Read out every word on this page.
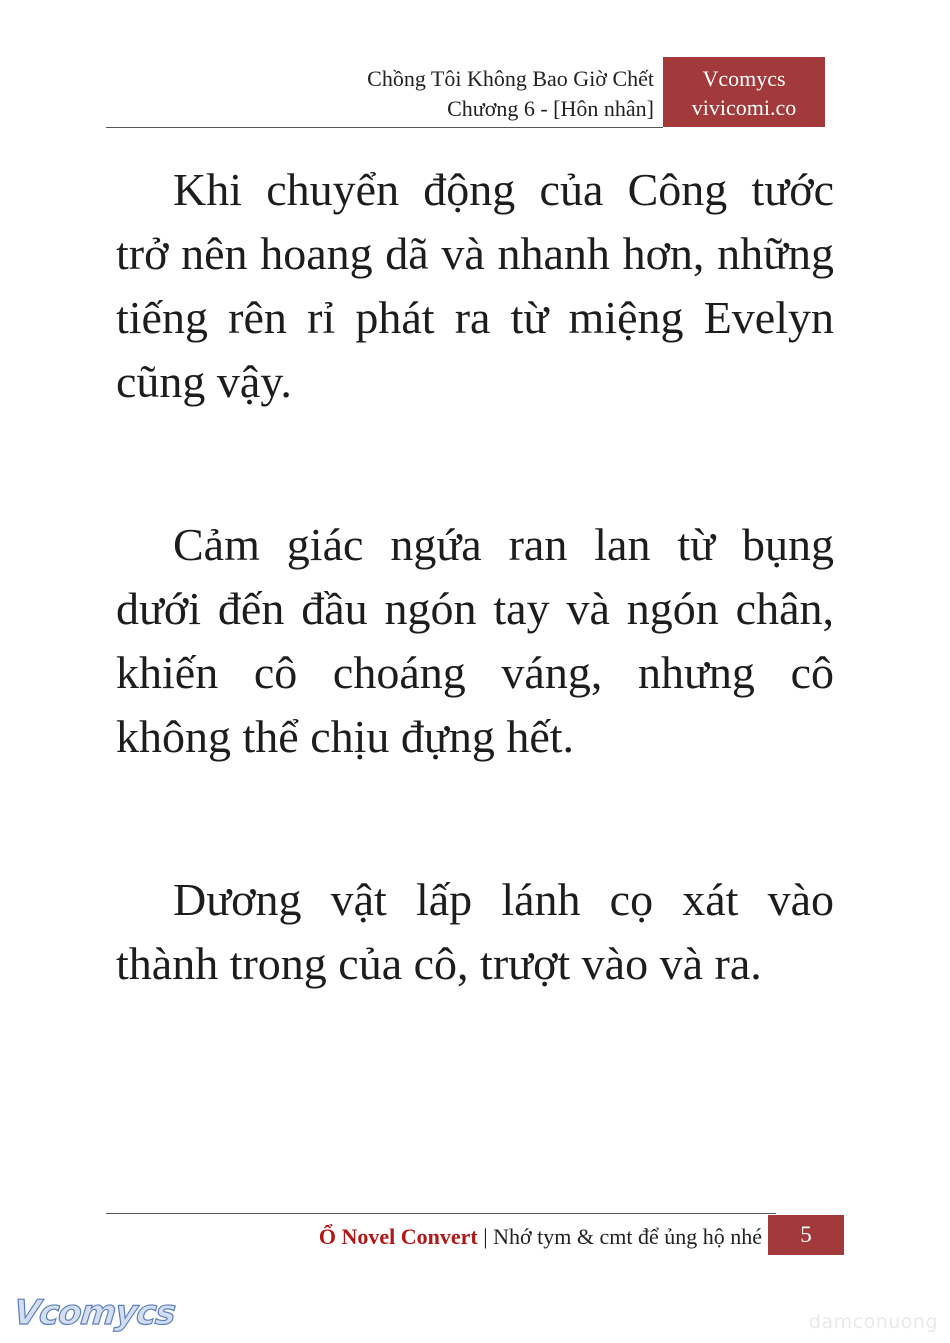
Chồng Tôi Không Bao Giờ Chết
Chương 6 - [Hôn nhân]
Vcomycs
vivicomi.co

Khi chuyển động của Công tước trở nên hoang dã và nhanh hơn, những tiếng rên rỉ phát ra từ miệng Evelyn cũng vậy.

Cảm giác ngứa ran lan từ bụng dưới đến đầu ngón tay và ngón chân, khiến cô choáng váng, nhưng cô không thể chịu đựng hết.

Dương vật lấp lánh cọ xát vào thành trong của cô, trượt vào và ra.

Ổ Novel Convert | Nhớ tym & cmt để ủng hộ nhé	5
Vcomycs	damconuong
